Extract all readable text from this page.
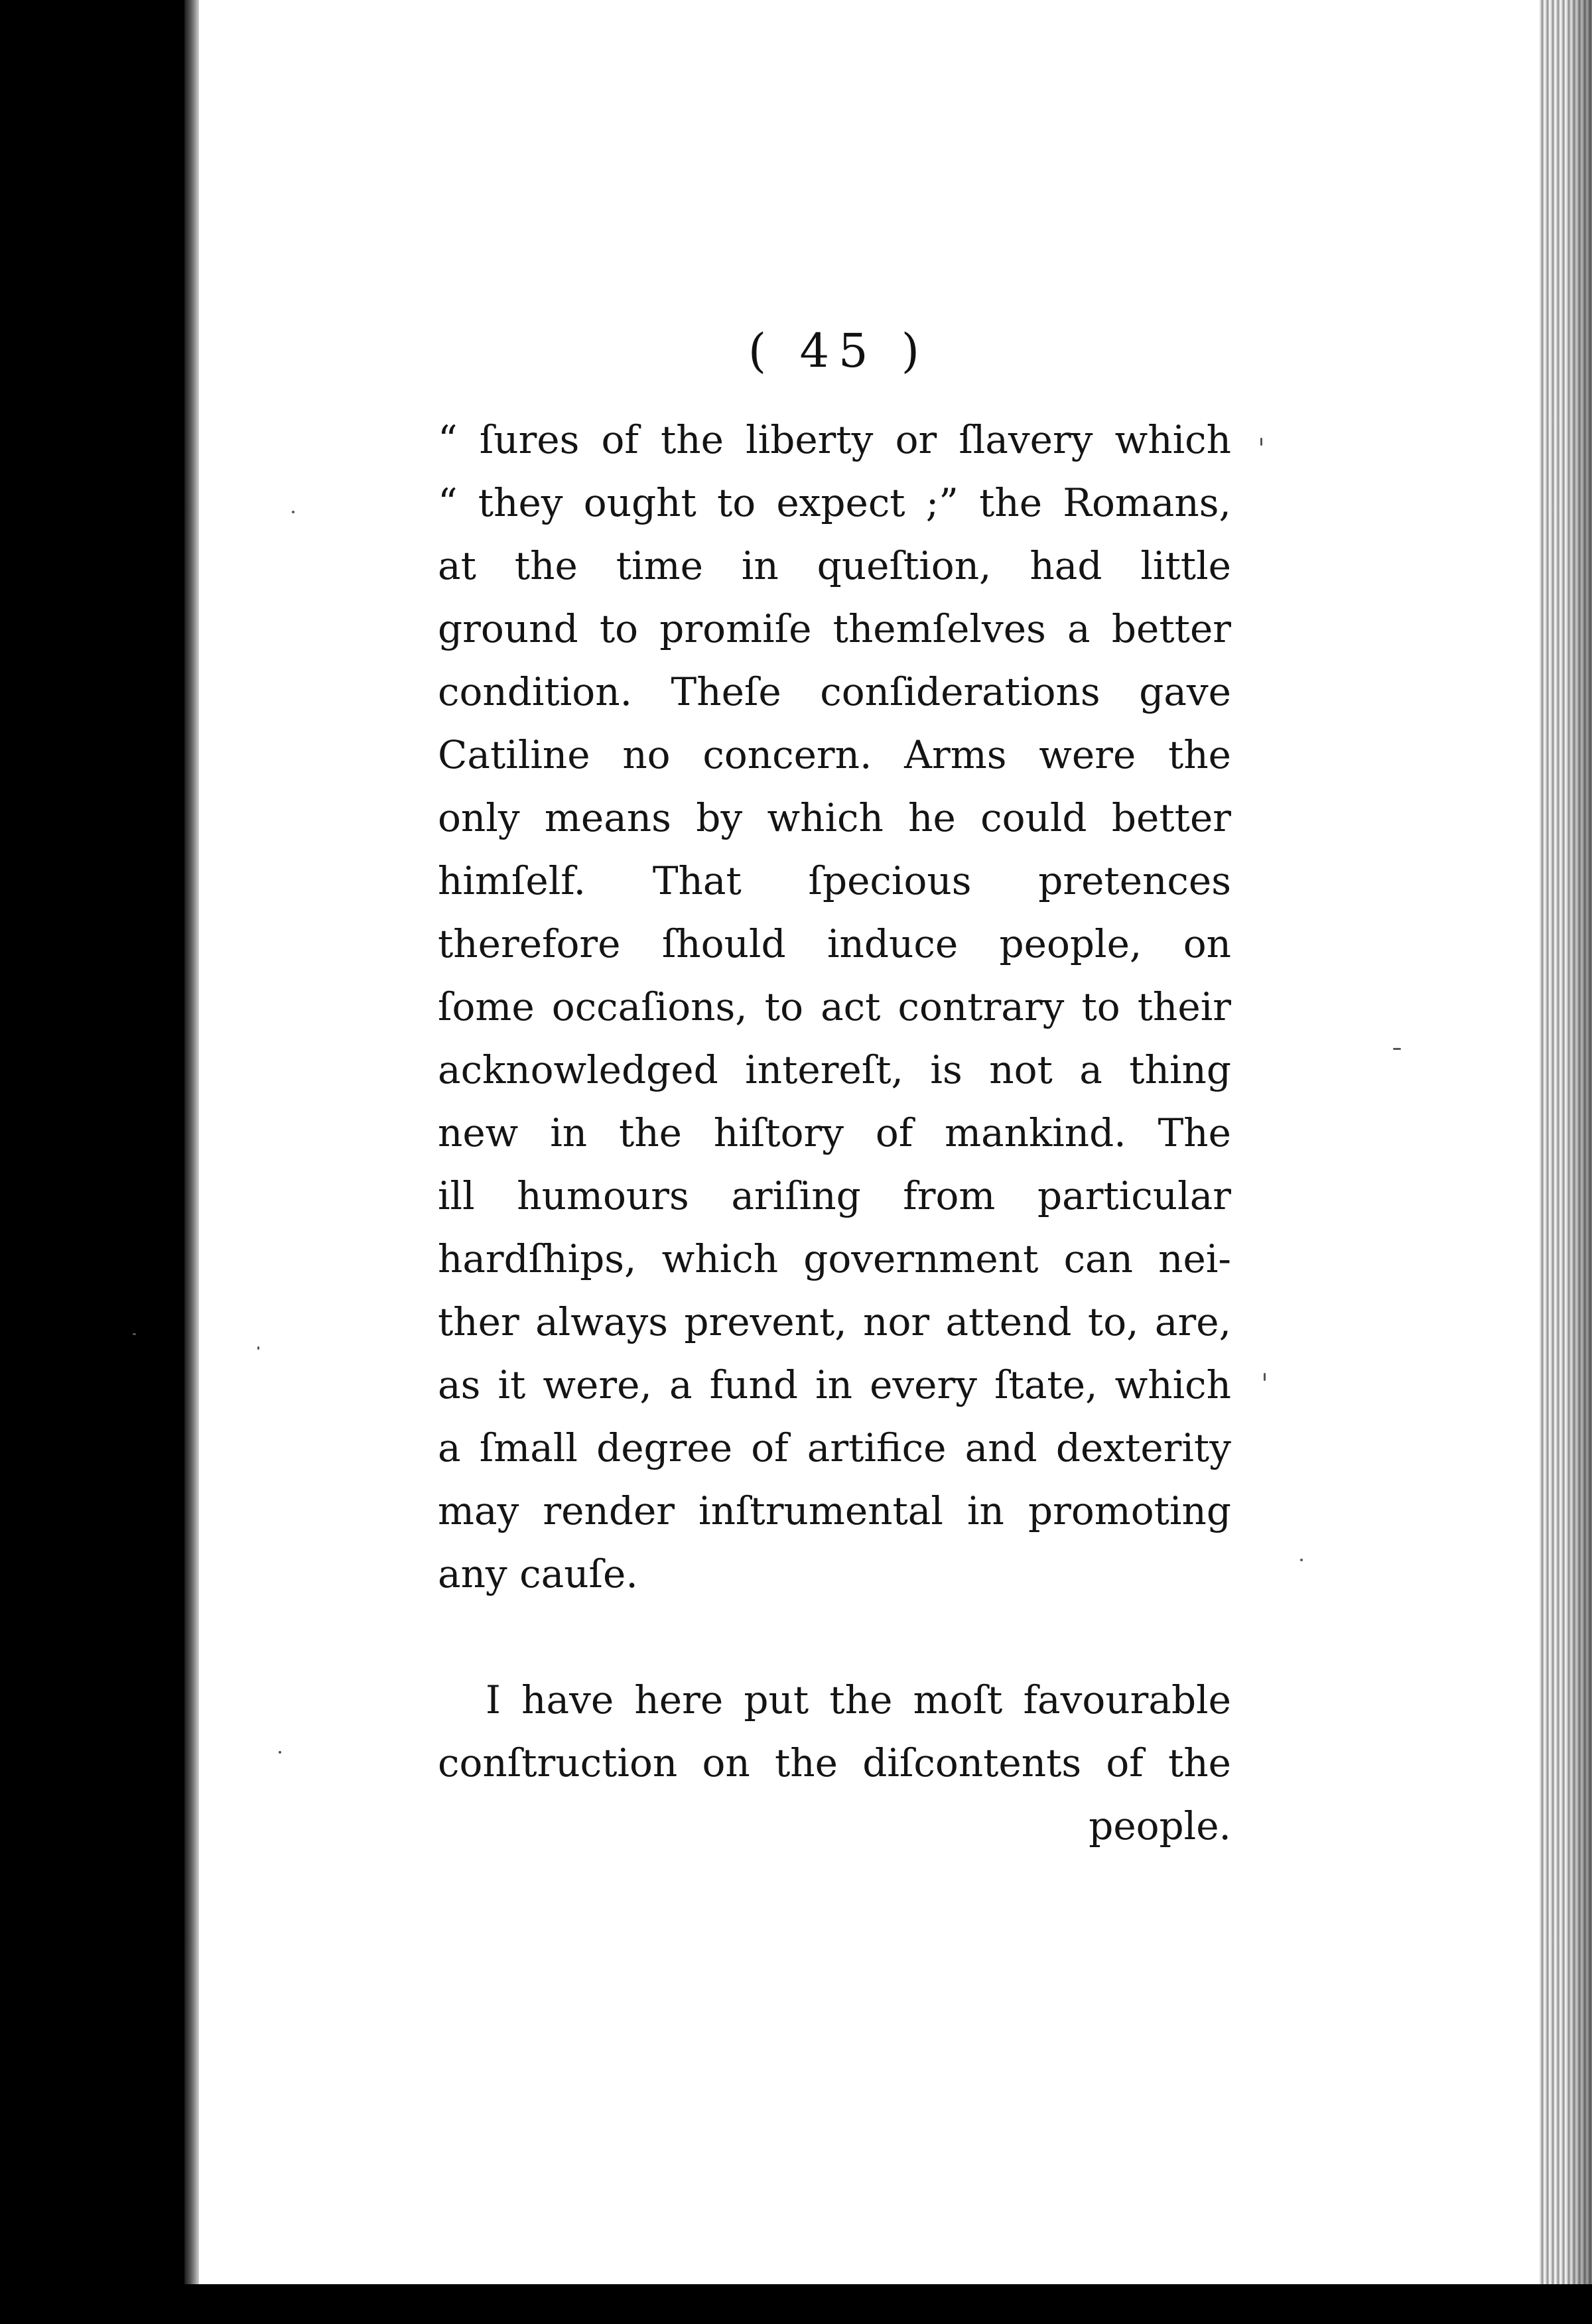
( 45 )
“ ſures of the liberty or ſlavery which
“ they ought to expect ;” the Romans,
at the time in queſtion, had little
ground to promiſe themſelves a better
condition. Theſe conſiderations gave
Catiline no concern. Arms were the
only means by which he could better
himſelf. That ſpecious pretences
therefore ſhould induce people, on
ſome occaſions, to act contrary to their
acknowledged intereſt, is not a thing
new in the hiſtory of mankind. The
ill humours ariſing from particular
hardſhips, which government can nei-
ther always prevent, nor attend to, are,
as it were, a fund in every ſtate, which
a ſmall degree of artifice and dexterity
may render inſtrumental in promoting
any cauſe.
I have here put the moſt favourable
conſtruction on the diſcontents of the
people.
